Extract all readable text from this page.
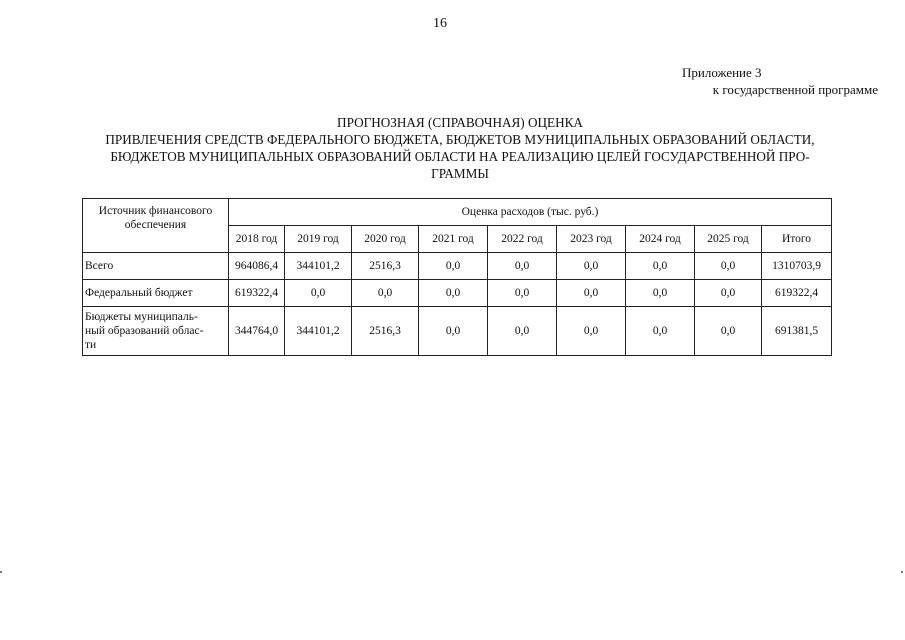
16
Приложение 3
к государственной программе
ПРОГНОЗНАЯ (СПРАВОЧНАЯ) ОЦЕНКА
ПРИВЛЕЧЕНИЯ СРЕДСТВ ФЕДЕРАЛЬНОГО БЮДЖЕТА, БЮДЖЕТОВ МУНИЦИПАЛЬНЫХ ОБРАЗОВАНИЙ ОБЛАСТИ,
БЮДЖЕТОВ МУНИЦИПАЛЬНЫХ ОБРАЗОВАНИЙ ОБЛАСТИ НА РЕАЛИЗАЦИЮ ЦЕЛЕЙ ГОСУДАРСТВЕННОЙ ПРО-
ГРАММЫ
Источник финансового обеспечения	Оценка расходов (тыс. руб.)								
	2018 год	2019 год	2020 год	2021 год	2022 год	2023 год	2024 год	2025 год	Итого
Всего	964086,4	344101,2	2516,3	0,0	0,0	0,0	0,0	0,0	1310703,9
Федеральный бюджет	619322,4	0,0	0,0	0,0	0,0	0,0	0,0	0,0	619322,4

Бюджеты муниципаль-
ный образований облас-
ти	344764,0	344101,2	2516,3	0,0	0,0	0,0	0,0	0,0	691381,5
